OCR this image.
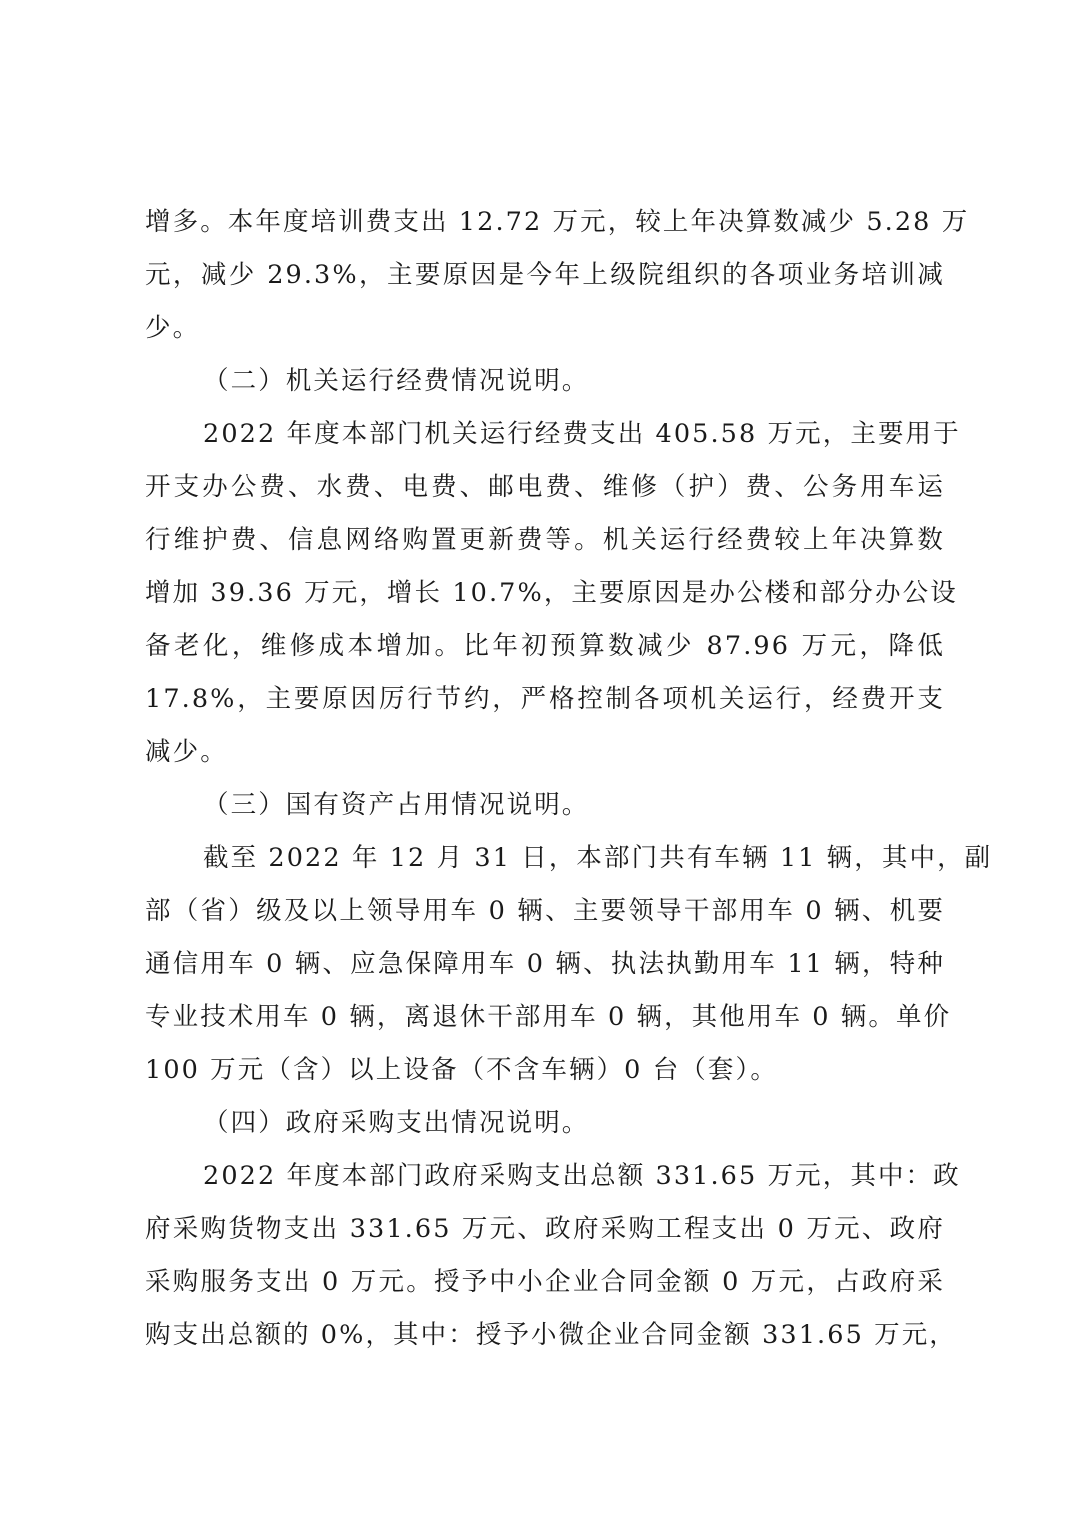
增多。本年度培训费支出 12.72 万元，较上年决算数减少 5.28 万
元，减少 29.3%，主要原因是今年上级院组织的各项业务培训减
少。
（二）机关运行经费情况说明。
2022 年度本部门机关运行经费支出 405.58 万元，主要用于
开支办公费、水费、电费、邮电费、维修（护）费、公务用车运
行维护费、信息网络购置更新费等。机关运行经费较上年决算数
增加 39.36 万元，增长 10.7%，主要原因是办公楼和部分办公设
备老化，维修成本增加。比年初预算数减少 87.96 万元，降低
17.8%，主要原因厉行节约，严格控制各项机关运行，经费开支
减少。
（三）国有资产占用情况说明。
截至 2022 年 12 月 31 日，本部门共有车辆 11 辆，其中，副
部（省）级及以上领导用车 0 辆、主要领导干部用车 0 辆、机要
通信用车 0 辆、应急保障用车 0 辆、执法执勤用车 11 辆，特种
专业技术用车 0 辆，离退休干部用车 0 辆，其他用车 0 辆。单价
100 万元（含）以上设备（不含车辆）0 台（套）。
（四）政府采购支出情况说明。
2022 年度本部门政府采购支出总额 331.65 万元，其中：政
府采购货物支出 331.65 万元、政府采购工程支出 0 万元、政府
采购服务支出 0 万元。授予中小企业合同金额 0 万元，占政府采
购支出总额的 0%，其中：授予小微企业合同金额 331.65 万元，
